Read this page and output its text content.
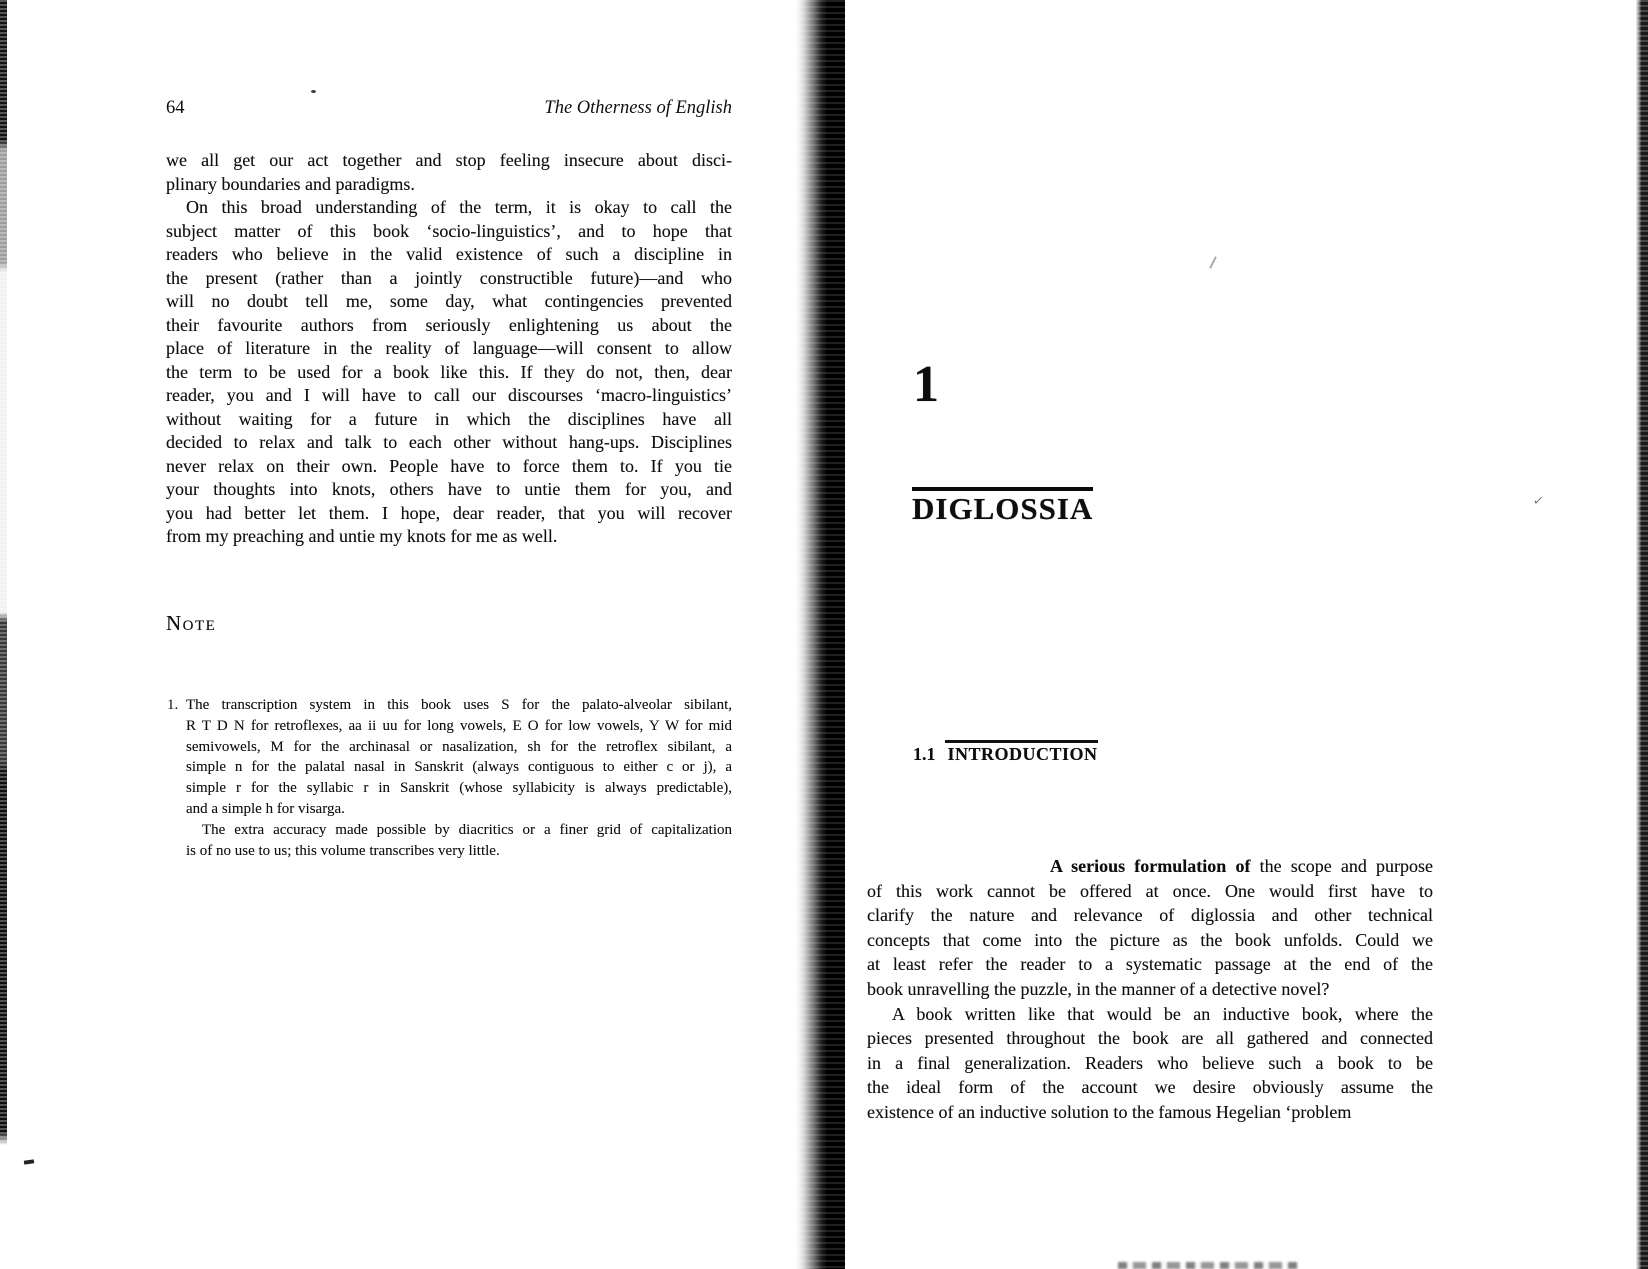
64	The Otherness of English
we all get our act together and stop feeling insecure about disci-
plinary boundaries and paradigms.
On this broad understanding of the term, it is okay to call the
subject matter of this book ‘socio-linguistics’, and to hope that
readers who believe in the valid existence of such a discipline in
the present (rather than a jointly constructible future)—and who
will no doubt tell me, some day, what contingencies prevented
their favourite authors from seriously enlightening us about the
place of literature in the reality of language—will consent to allow
the term to be used for a book like this. If they do not, then, dear
reader, you and I will have to call our discourses ‘macro-linguistics’
without waiting for a future in which the disciplines have all
decided to relax and talk to each other without hang-ups. Disciplines
never relax on their own. People have to force them to. If you tie
your thoughts into knots, others have to untie them for you, and
you had better let them. I hope, dear reader, that you will recover
from my preaching and untie my knots for me as well.
Note
1. The transcription system in this book uses S for the palato-alveolar sibilant,
R T D N for retroflexes, aa ii uu for long vowels, E O for low vowels, Y W for mid
semivowels, M for the archinasal or nasalization, sh for the retroflex sibilant, a
simple n for the palatal nasal in Sanskrit (always contiguous to either c or j), a
simple r for the syllabic r in Sanskrit (whose syllabicity is always predictable),
and a simple h for visarga.
The extra accuracy made possible by diacritics or a finer grid of capitalization
is of no use to us; this volume transcribes very little.
1
DIGLOSSIA
1.1 INTRODUCTION
A serious formulation of the scope and purpose
of this work cannot be offered at once. One would first have to
clarify the nature and relevance of diglossia and other technical
concepts that come into the picture as the book unfolds. Could we
at least refer the reader to a systematic passage at the end of the
book unravelling the puzzle, in the manner of a detective novel?
A book written like that would be an inductive book, where the
pieces presented throughout the book are all gathered and connected
in a final generalization. Readers who believe such a book to be
the ideal form of the account we desire obviously assume the
existence of an inductive solution to the famous Hegelian ‘problem
✓
